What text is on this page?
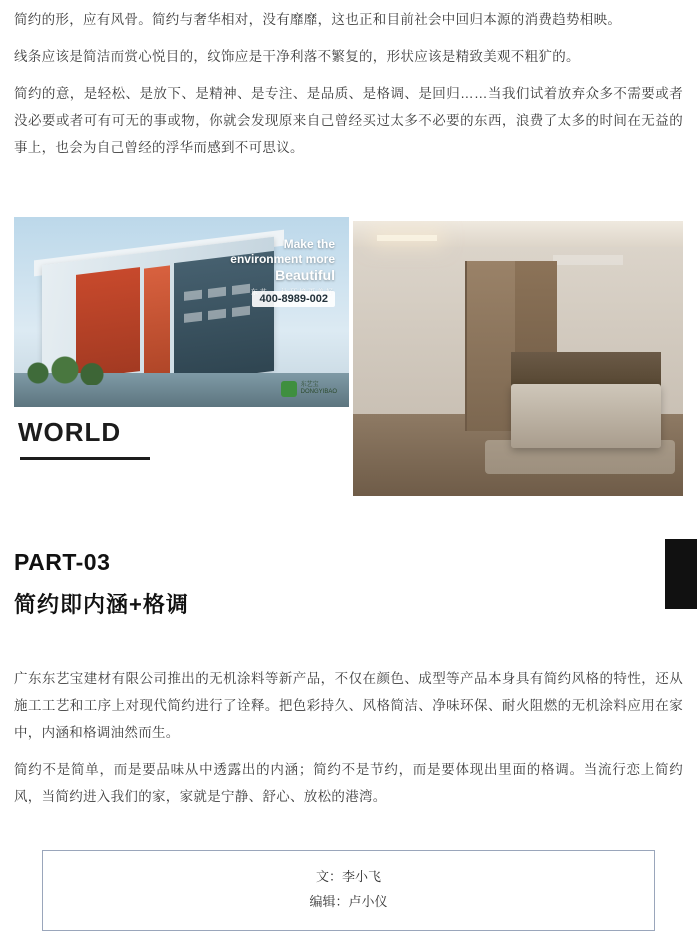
简约的形，应有风骨。简约与奢华相对，没有靡靡，这也正和目前社会中回归本源的消费趋势相映。

线条应该是简洁而赏心悦目的，纹饰应是干净利落不繁复的，形状应该是精致美观不粗犷的。

简约的意，是轻松、是放下、是精神、是专注、是品质、是格调、是回归……当我们试着放弃众多不需要或者没必要或者可有可无的事或物，你就会发现原来自己曾经买过太多不必要的东西，浪费了太多的时间在无益的事上，也会为自己曾经的浮华而感到不可思议。

Make the
environment more
Beautiful
400-8989-002
东艺宝
DONGYIBAO
WORLD

PART-03

简约即内涵+格调

广东东艺宝建材有限公司推出的无机涂料等新产品，不仅在颜色、成型等产品本身具有简约风格的特性，还从施工工艺和工序上对现代简约进行了诠释。把色彩持久、风格简洁、净味环保、耐火阻燃的无机涂料应用在家中，内涵和格调油然而生。

简约不是简单，而是要品味从中透露出的内涵；简约不是节约，而是要体现出里面的格调。当流行恋上简约风，当简约进入我们的家，家就是宁静、舒心、放松的港湾。

文：李小飞
编辑：卢小仪
